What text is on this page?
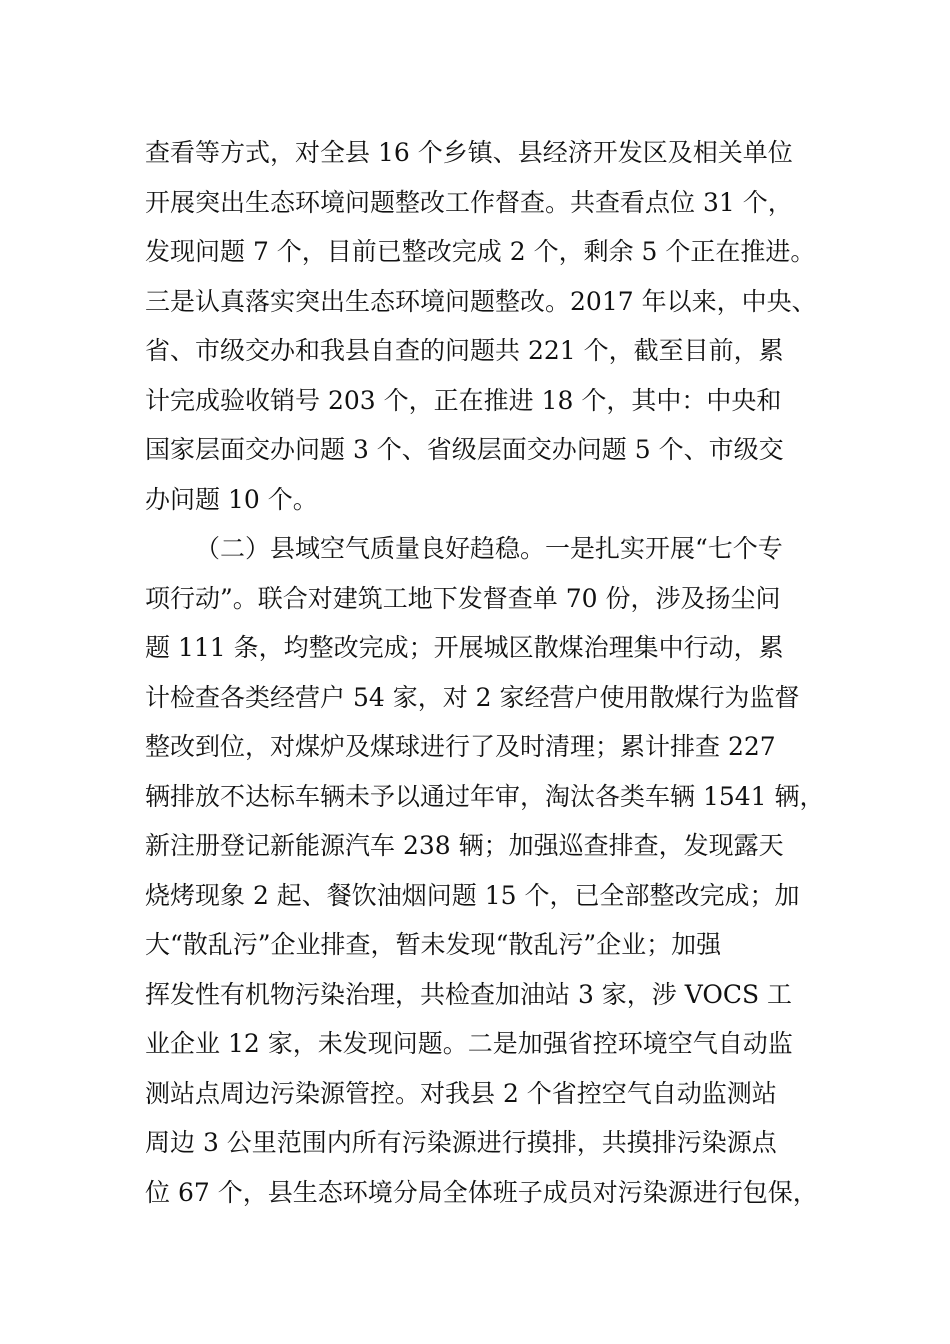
查看等方式，对全县 16 个乡镇、县经济开发区及相关单位
开展突出生态环境问题整改工作督查。共查看点位 31 个，
发现问题 7 个，目前已整改完成 2 个，剩余 5 个正在推进。
三是认真落实突出生态环境问题整改。2017 年以来，中央、
省、市级交办和我县自查的问题共 221 个，截至目前，累
计完成验收销号 203 个，正在推进 18 个，其中：中央和
国家层面交办问题 3 个、省级层面交办问题 5 个、市级交
办问题 10 个。
（二）县域空气质量良好趋稳。一是扎实开展“七个专
项行动”。联合对建筑工地下发督查单 70 份，涉及扬尘问
题 111 条，均整改完成；开展城区散煤治理集中行动，累
计检查各类经营户 54 家，对 2 家经营户使用散煤行为监督
整改到位，对煤炉及煤球进行了及时清理；累计排查 227
辆排放不达标车辆未予以通过年审，淘汰各类车辆 1541 辆，
新注册登记新能源汽车 238 辆；加强巡查排查，发现露天
烧烤现象 2 起、餐饮油烟问题 15 个，已全部整改完成；加
大“散乱污”企业排查，暂未发现“散乱污”企业；加强
挥发性有机物污染治理，共检查加油站 3 家，涉 VOCS 工
业企业 12 家，未发现问题。二是加强省控环境空气自动监
测站点周边污染源管控。对我县 2 个省控空气自动监测站
周边 3 公里范围内所有污染源进行摸排，共摸排污染源点
位 67 个，县生态环境分局全体班子成员对污染源进行包保，
